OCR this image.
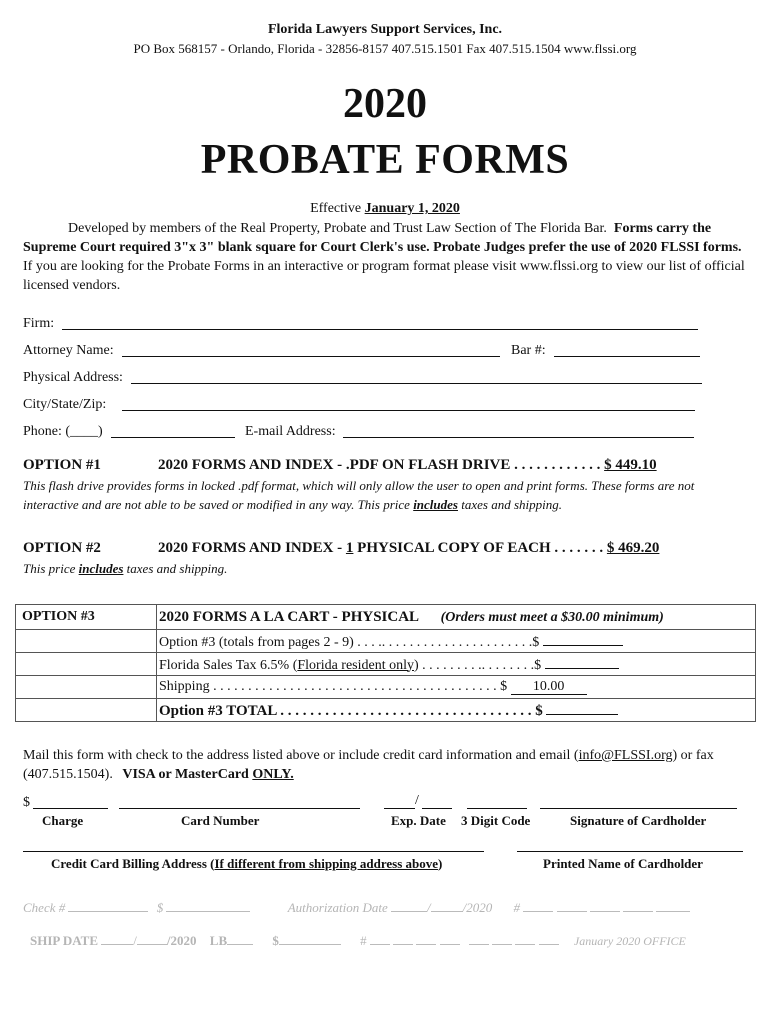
Florida Lawyers Support Services, Inc.
PO Box 568157 - Orlando, Florida - 32856-8157 407.515.1501 Fax 407.515.1504 www.flssi.org
2020
PROBATE FORMS
Effective January 1, 2020
Developed by members of the Real Property, Probate and Trust Law Section of The Florida Bar. Forms carry the Supreme Court required 3"x 3" blank square for Court Clerk's use. Probate Judges prefer the use of 2020 FLSSI forms.  If you are looking for the Probate Forms in an interactive or program format please visit www.flssi.org to view our list of official licensed vendors.
Firm:
Attorney Name:	Bar #:
Physical Address:
City/State/Zip:
Phone: (____)	E-mail Address:
OPTION #1	2020 FORMS AND INDEX - .PDF ON FLASH DRIVE . . . . . . . . . . . . $ 449.10
This flash drive provides forms in locked .pdf format, which will only allow the user to open and print forms. These forms are not
interactive and are not able to be saved or modified in any way. This price includes taxes and shipping.
OPTION #2	2020 FORMS AND INDEX - 1 PHYSICAL COPY OF EACH . . . . . . . $ 469.20
This price includes taxes and shipping.
OPTION #3	2020 FORMS A LA CART - PHYSICAL (Orders must meet a $30.00 minimum)
	Option #3 (totals from pages 2 - 9) . . . .. . . . . . . . . . . . . . . . . . . . . .$
	Florida Sales Tax 6.5% (Florida resident only) . . . . . . . . .. . . . . . . .$
	Shipping . . . . . . . . . . . . . . . . . . . . . . . . . . . . . . . . . . . . . . . . . $ 10.00
	Option #3 TOTAL . . . . . . . . . . . . . . . . . . . . . . . . . . . . . . . . . . $
Mail this form with check to the address listed above or include credit card information and email (info@FLSSI.org) or fax
(407.515.1504). VISA or MasterCard ONLY.
$	/
Charge	Card Number	Exp. Date 3 Digit Code	Signature of Cardholder
Credit Card Billing Address (If different from shipping address above)	Printed Name of Cardholder
Check #	$	Authorization Date	/ /2020 #
SHIP DATE	/ /2020 LB	$	#	January 2020 OFFICE
